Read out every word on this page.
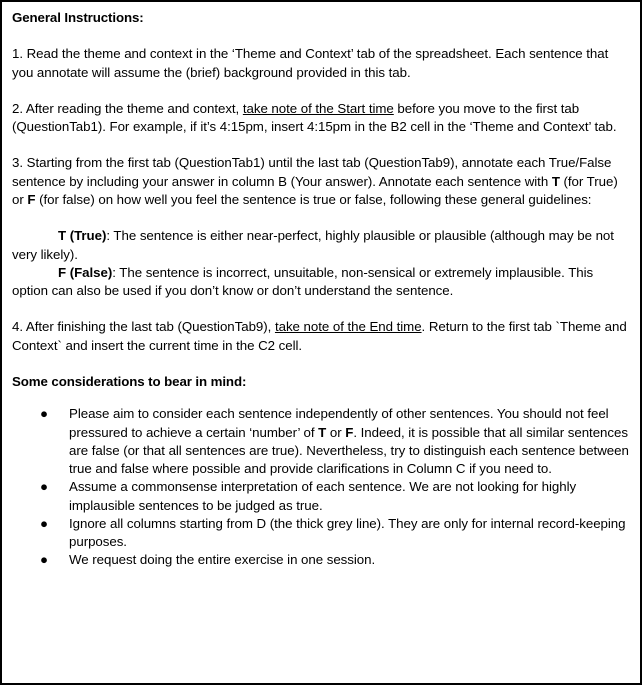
General Instructions:

1. Read the theme and context in the ‘Theme and Context’ tab of the spreadsheet. Each sentence that you annotate will assume the (brief) background provided in this tab.

2. After reading the theme and context, take note of the Start time before you move to the first tab (QuestionTab1). For example, if it’s 4:15pm, insert 4:15pm in the B2 cell in the ‘Theme and Context’ tab.

3. Starting from the first tab (QuestionTab1) until the last tab (QuestionTab9), annotate each True/False sentence by including your answer in column B (Your answer). Annotate each sentence with T (for True) or F (for false) on how well you feel the sentence is true or false, following these general guidelines:

T (True): The sentence is either near-perfect, highly plausible or plausible (although may be not very likely).

F (False): The sentence is incorrect, unsuitable, non-sensical or extremely implausible. This option can also be used if you don’t know or don’t understand the sentence.

4. After finishing the last tab (QuestionTab9), take note of the End time. Return to the first tab `Theme and Context` and insert the current time in the C2 cell.

Some considerations to bear in mind:

● Please aim to consider each sentence independently of other sentences. You should not feel pressured to achieve a certain ‘number’ of T or F. Indeed, it is possible that all similar sentences are false (or that all sentences are true). Nevertheless, try to distinguish each sentence between true and false where possible and provide clarifications in Column C if you need to.
● Assume a commonsense interpretation of each sentence. We are not looking for highly implausible sentences to be judged as true.
● Ignore all columns starting from D (the thick grey line). They are only for internal record-keeping purposes.
● We request doing the entire exercise in one session.
